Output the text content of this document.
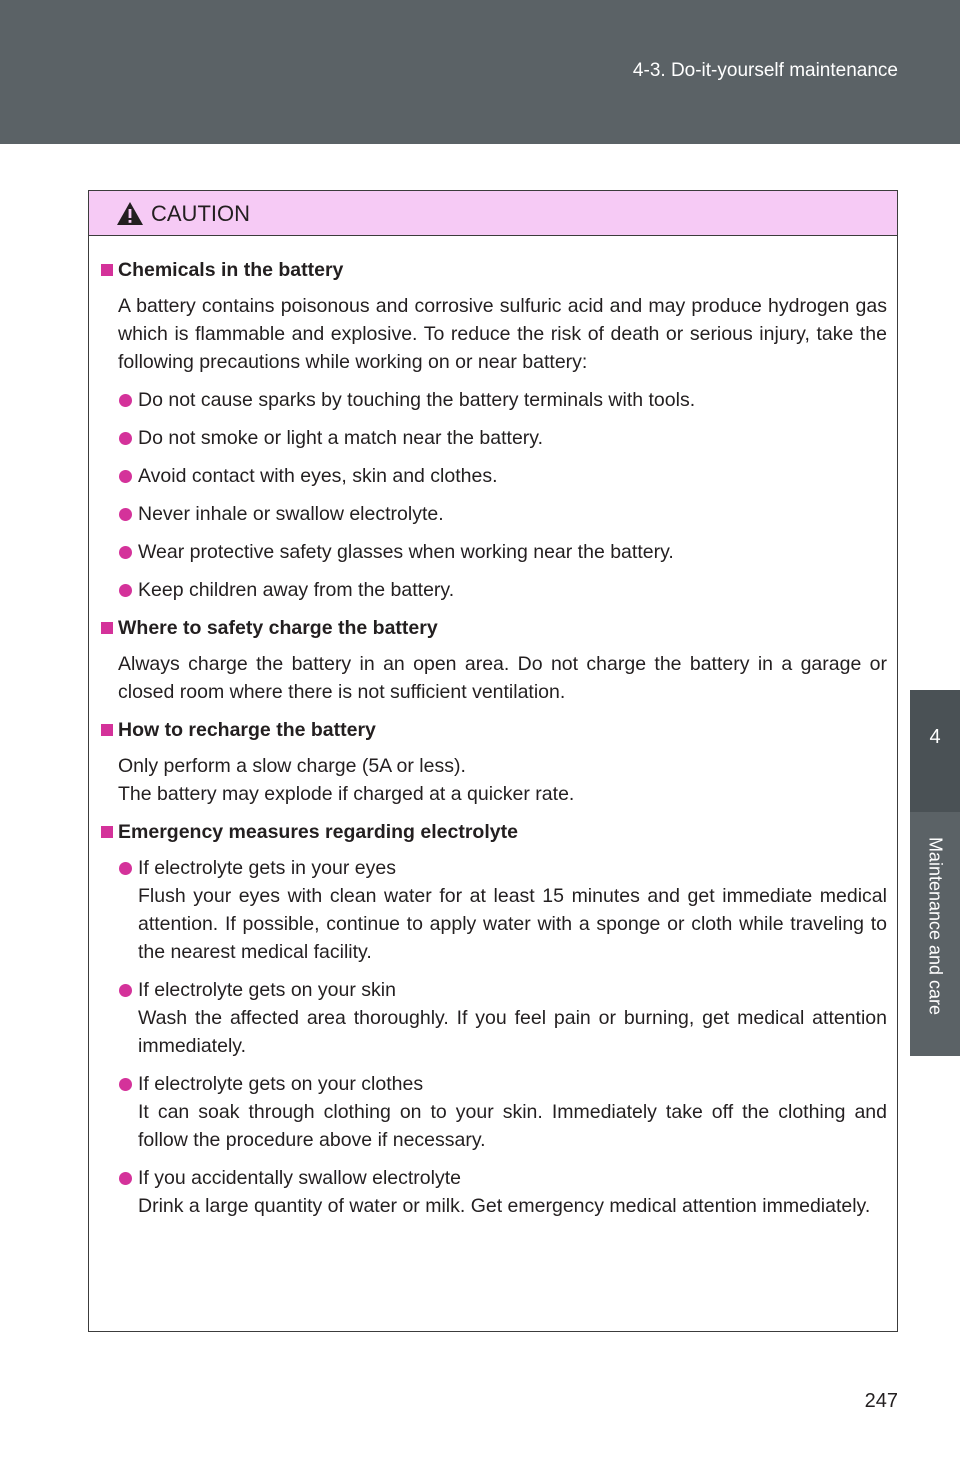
4-3. Do-it-yourself maintenance
4
Maintenance and care
CAUTION
Chemicals in the battery
A battery contains poisonous and corrosive sulfuric acid and may produce hydrogen gas which is flammable and explosive. To reduce the risk of death or serious injury, take the following precautions while working on or near battery:
Do not cause sparks by touching the battery terminals with tools.
Do not smoke or light a match near the battery.
Avoid contact with eyes, skin and clothes.
Never inhale or swallow electrolyte.
Wear protective safety glasses when working near the battery.
Keep children away from the battery.
Where to safety charge the battery
Always charge the battery in an open area. Do not charge the battery in a garage or closed room where there is not sufficient ventilation.
How to recharge the battery
Only perform a slow charge (5A or less).
The battery may explode if charged at a quicker rate.
Emergency measures regarding electrolyte
If electrolyte gets in your eyes
Flush your eyes with clean water for at least 15 minutes and get immediate medical attention. If possible, continue to apply water with a sponge or cloth while traveling to the nearest medical facility.
If electrolyte gets on your skin
Wash the affected area thoroughly. If you feel pain or burning, get medical attention immediately.
If electrolyte gets on your clothes
It can soak through clothing on to your skin. Immediately take off the clothing and follow the procedure above if necessary.
If you accidentally swallow electrolyte
Drink a large quantity of water or milk. Get emergency medical attention immediately.
247
